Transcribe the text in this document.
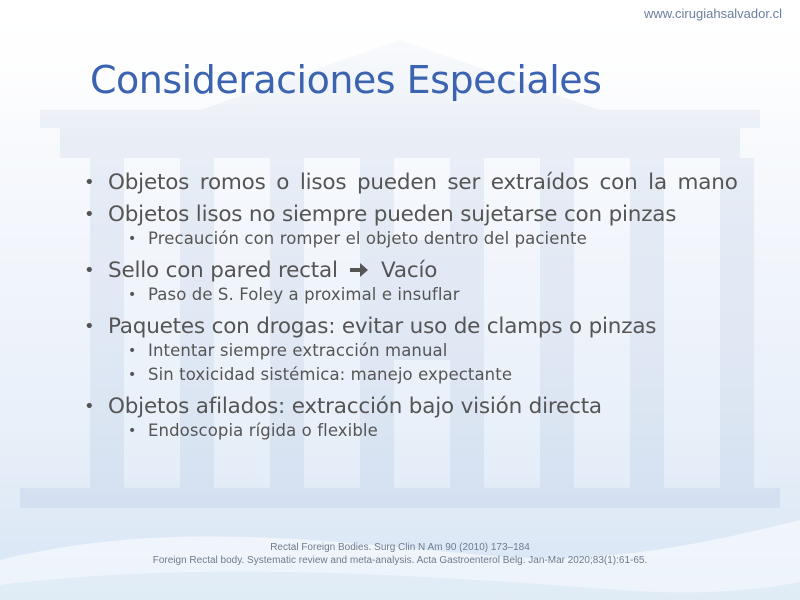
www.cirugiahsalvador.cl
Consideraciones Especiales
• Objetos romos o lisos pueden ser extraídos con la mano
• Objetos lisos no siempre pueden sujetarse con pinzas
• Precaución con romper el objeto dentro del paciente
• Sello con pared rectal Vacío
• Paso de S. Foley a proximal e insuflar
• Paquetes con drogas: evitar uso de clamps o pinzas
• Intentar siempre extracción manual
• Sin toxicidad sistémica: manejo expectante
• Objetos afilados: extracción bajo visión directa
• Endoscopia rígida o flexible
Rectal Foreign Bodies. Surg Clin N Am 90 (2010) 173–184
Foreign Rectal body. Systematic review and meta-analysis. Acta Gastroenterol Belg. Jan-Mar 2020;83(1):61-65.
